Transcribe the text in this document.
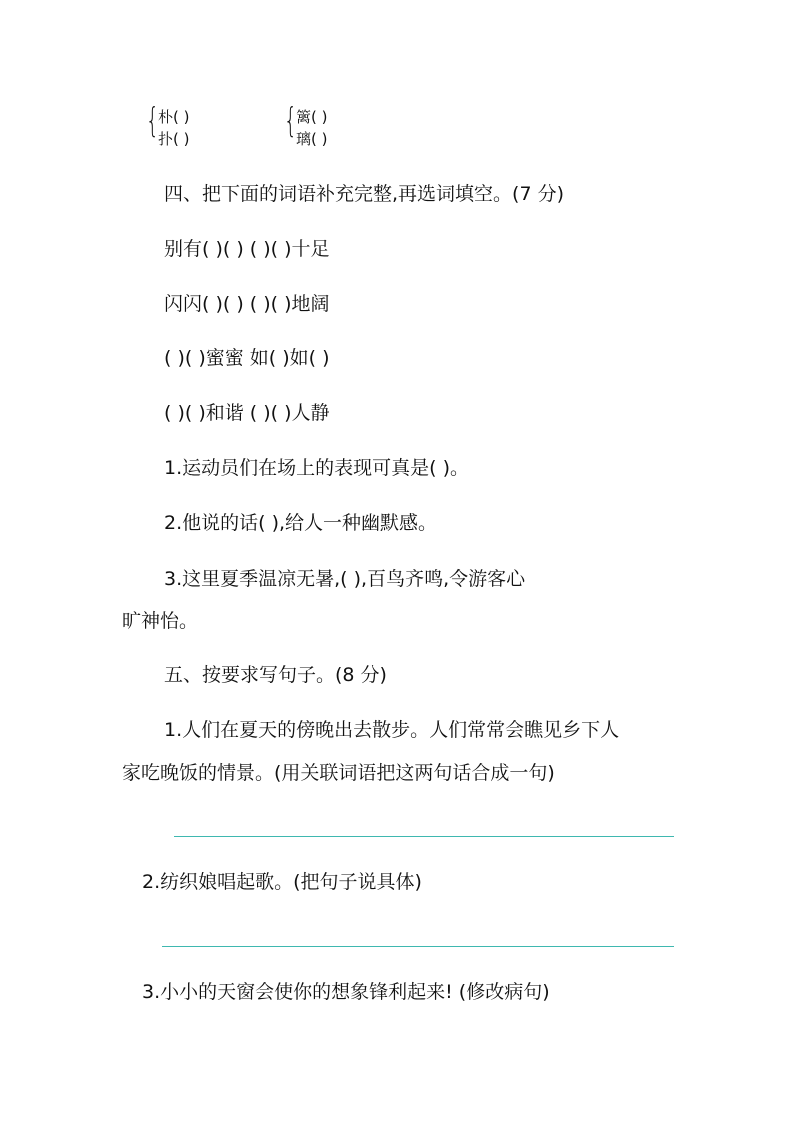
{ 朴( )
扑( )	{ 篱( )
璃( )
四、把下面的词语补充完整,再选词填空。(7 分)
别有( )( ) ( )( )十足
闪闪( )( ) ( )( )地阔
( )( )蜜蜜 如( )如( )
( )( )和谐 ( )( )人静
1.运动员们在场上的表现可真是( )。
2.他说的话( ),给人一种幽默感。
3.这里夏季温凉无暑,( ),百鸟齐鸣,令游客心
旷神怡。
五、按要求写句子。(8 分)
1.人们在夏天的傍晚出去散步。人们常常会瞧见乡下人
家吃晚饭的情景。(用关联词语把这两句话合成一句)
2.纺织娘唱起歌。(把句子说具体)
3.小小的天窗会使你的想象锋利起来! (修改病句)
